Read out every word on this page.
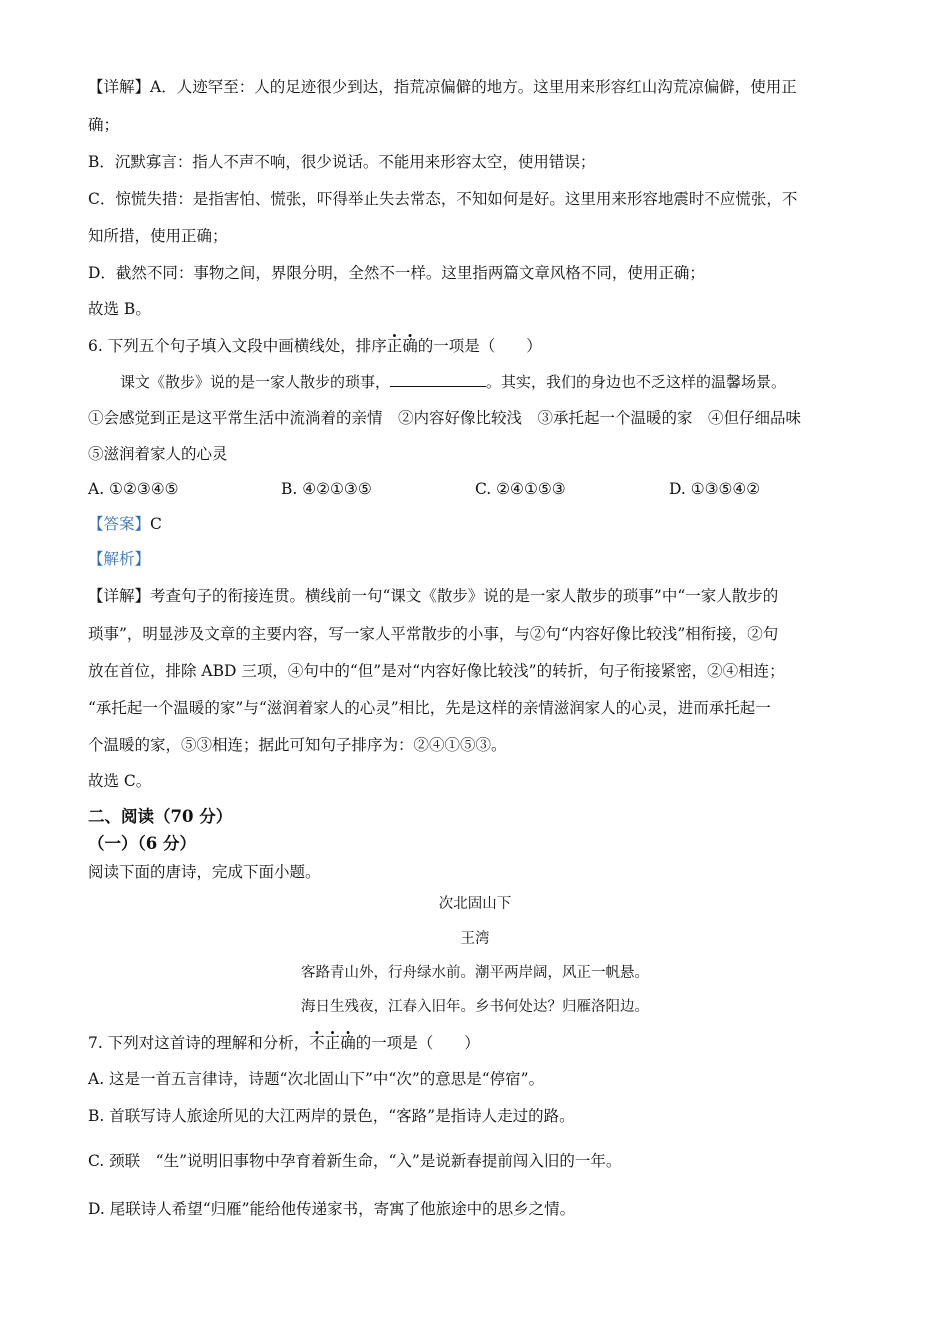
【详解】A．人迹罕至：人的足迹很少到达，指荒凉偏僻的地方。这里用来形容红山沟荒凉偏僻，使用正
确；
B．沉默寡言：指人不声不响，很少说话。不能用来形容太空，使用错误；
C．惊慌失措：是指害怕、慌张，吓得举止失去常态，不知如何是好。这里用来形容地震时不应慌张，不
知所措，使用正确；
D．截然不同：事物之间，界限分明，全然不一样。这里指两篇文章风格不同，使用正确；
故选 B。
6. 下列五个句子填入文段中画横线处，排序正确的一项是（　　）
课文《散步》说的是一家人散步的琐事，	。其实，我们的身边也不乏这样的温馨场景。
①会感觉到正是这平常生活中流淌着的亲情　②内容好像比较浅　③承托起一个温暖的家　④但仔细品味
⑤滋润着家人的心灵
A. ①②③④⑤	B. ④②①③⑤	C. ②④①⑤③	D. ①③⑤④②
【答案】C
【解析】
【详解】考查句子的衔接连贯。横线前一句“课文《散步》说的是一家人散步的琐事”中“一家人散步的
琐事”，明显涉及文章的主要内容，写一家人平常散步的小事，与②句“内容好像比较浅”相衔接，②句
放在首位，排除 ABD 三项，④句中的“但”是对“内容好像比较浅”的转折，句子衔接紧密，②④相连；
“承托起一个温暖的家”与“滋润着家人的心灵”相比，先是这样的亲情滋润家人的心灵，进而承托起一
个温暖的家，⑤③相连；据此可知句子排序为：②④①⑤③。
故选 C。
二、阅读（70 分）
（一）（6 分）
阅读下面的唐诗，完成下面小题。
次北固山下
王湾
客路青山外，行舟绿水前。潮平两岸阔，风正一帆悬。
海日生残夜，江春入旧年。乡书何处达？归雁洛阳边。
7. 下列对这首诗的理解和分析，不正确的一项是（　　）
A. 这是一首五言律诗，诗题“次北固山下”中“次”的意思是“停宿”。
B. 首联写诗人旅途所见的大江两岸的景色，“客路”是指诗人走过的路。
C. 颈联　“生”说明旧事物中孕育着新生命，“入”是说新春提前闯入旧的一年。
D. 尾联诗人希望“归雁”能给他传递家书，寄寓了他旅途中的思乡之情。
